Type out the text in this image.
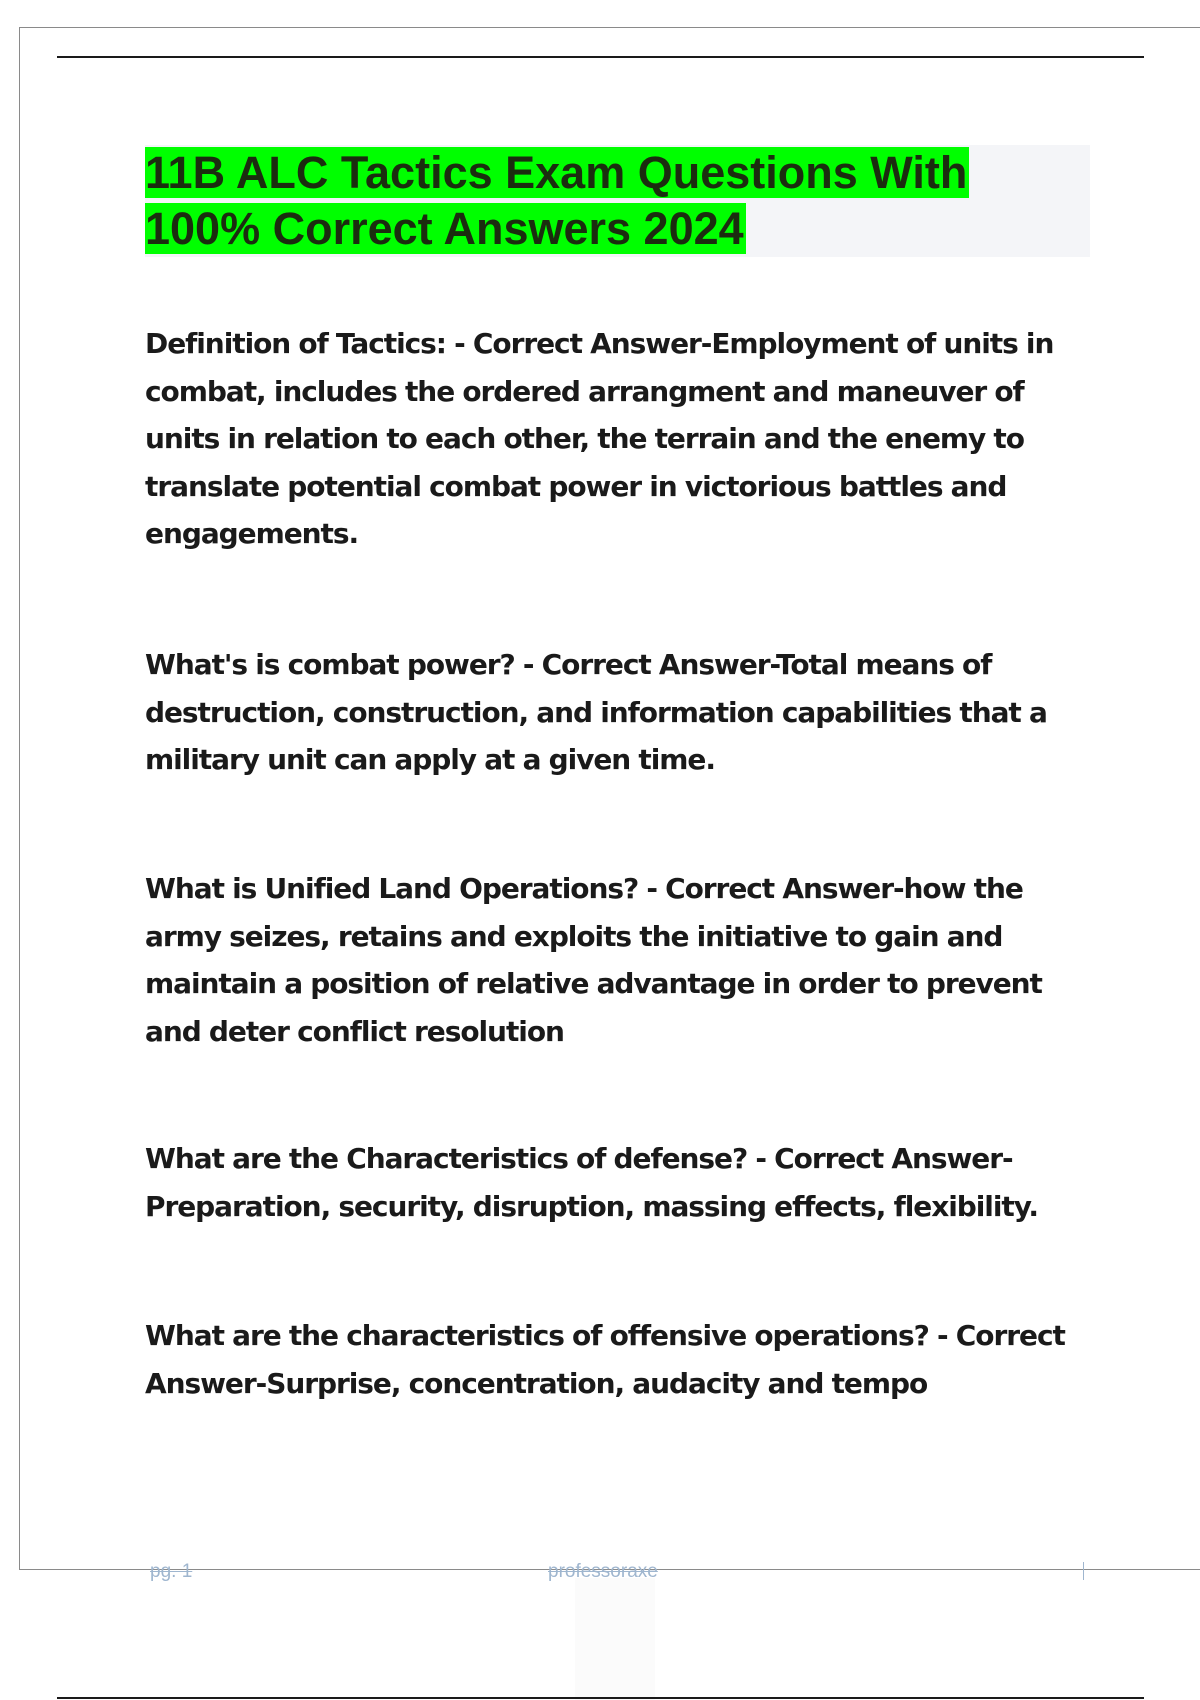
11B ALC Tactics Exam Questions With
100% Correct Answers 2024
Definition of Tactics: - Correct Answer-Employment of units in combat, includes the ordered arrangment and maneuver of units in relation to each other, the terrain and the enemy to translate potential combat power in victorious battles and engagements.
What's is combat power? - Correct Answer-Total means of destruction, construction, and information capabilities that a military unit can apply at a given time.
What is Unified Land Operations? - Correct Answer-how the army seizes, retains and exploits the initiative to gain and maintain a position of relative advantage in order to prevent and deter conflict resolution
What are the Characteristics of defense? - Correct Answer-Preparation, security, disruption, massing effects, flexibility.
What are the characteristics of offensive operations? - Correct Answer-Surprise, concentration, audacity and tempo
pg. 1	professoraxe
